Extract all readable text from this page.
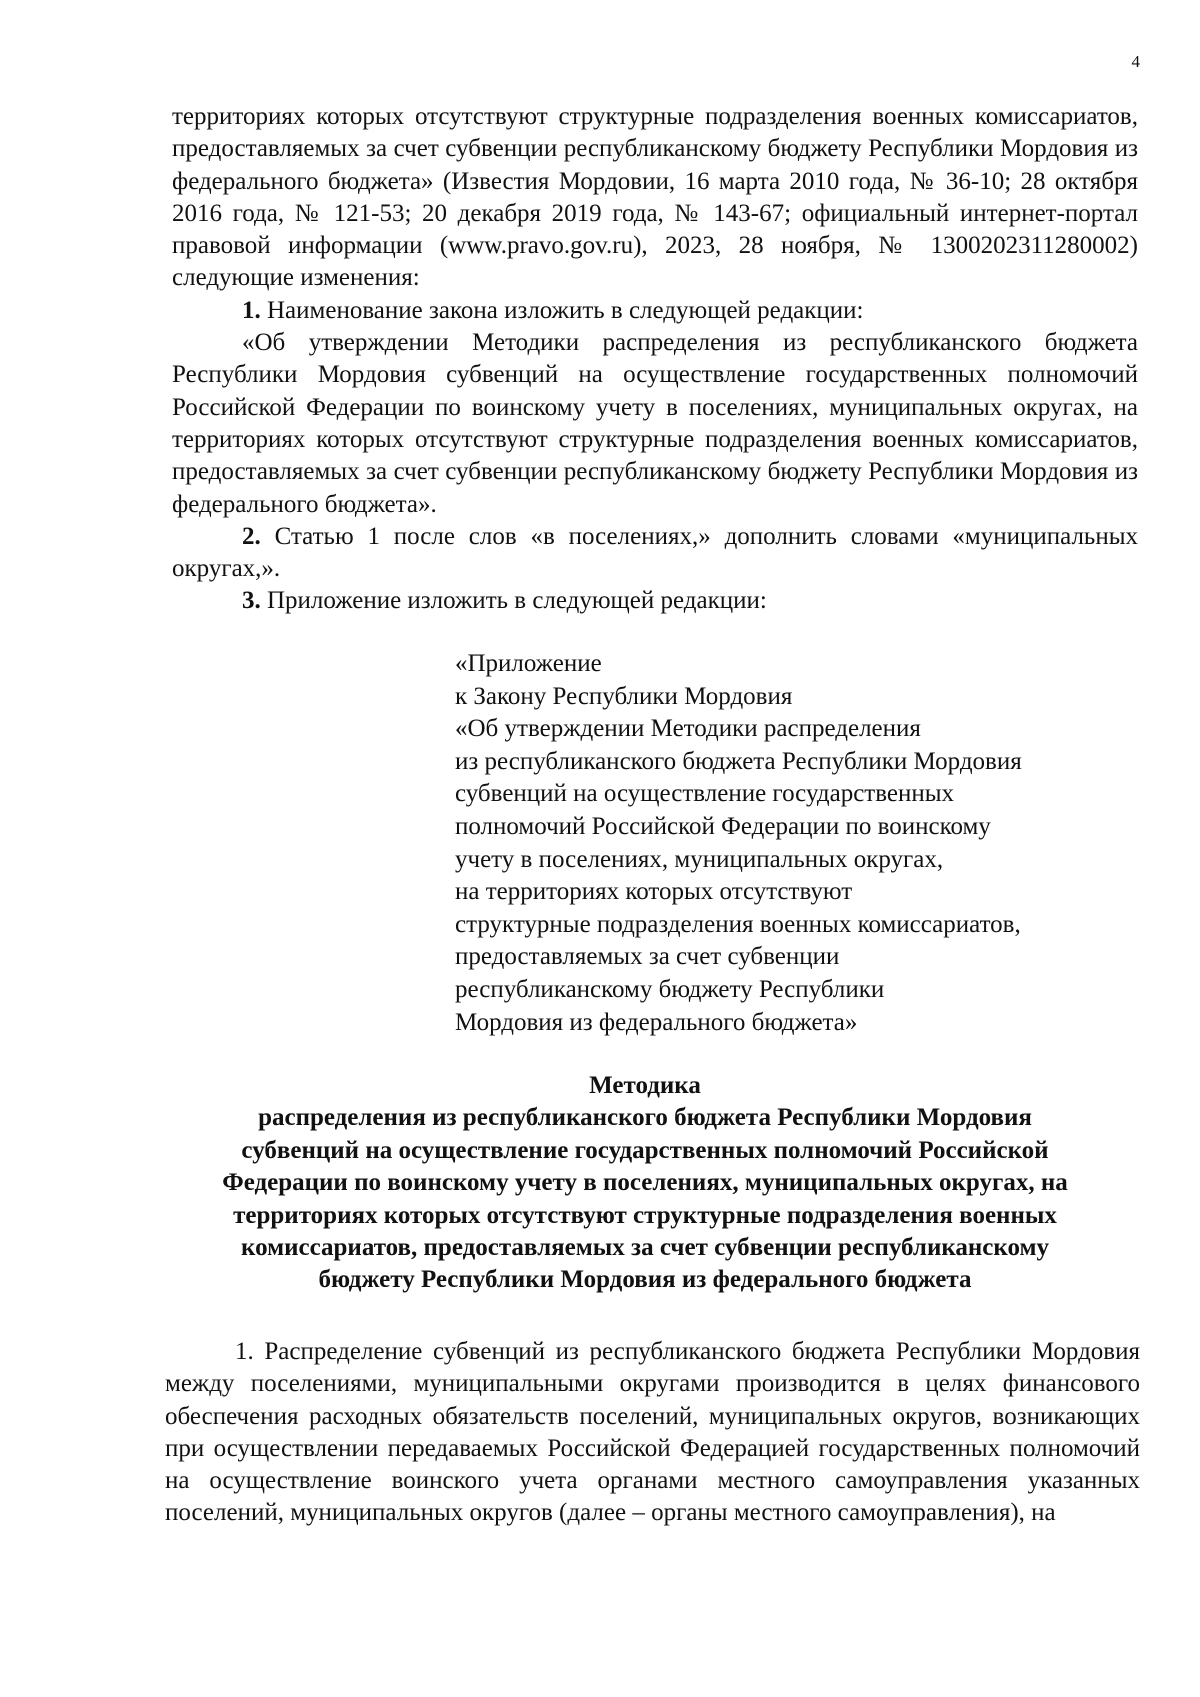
4

территориях которых отсутствуют структурные подразделения военных комиссариатов, предоставляемых за счет субвенции республиканскому бюджету Республики Мордовия из федерального бюджета» (Известия Мордовии, 16 марта 2010 года, № 36-10; 28 октября 2016 года, № 121-53; 20 декабря 2019 года, № 143-67; официальный интернет-портал правовой информации (www.pravo.gov.ru), 2023, 28 ноября, № 1300202311280002) следующие изменения:

1. Наименование закона изложить в следующей редакции:

«Об утверждении Методики распределения из республиканского бюджета Республики Мордовия субвенций на осуществление государственных полномочий Российской Федерации по воинскому учету в поселениях, муниципальных округах, на территориях которых отсутствуют структурные подразделения военных комиссариатов, предоставляемых за счет субвенции республиканскому бюджету Республики Мордовия из федерального бюджета».

2. Статью 1 после слов «в поселениях,» дополнить словами «муниципальных округах,».

3. Приложение изложить в следующей редакции:

«Приложение
к Закону Республики Мордовия
«Об утверждении Методики распределения
из республиканского бюджета Республики Мордовия
субвенций на осуществление государственных
полномочий Российской Федерации по воинскому
учету в поселениях, муниципальных округах,
на территориях которых отсутствуют
структурные подразделения военных комиссариатов,
предоставляемых за счет субвенции
республиканскому бюджету Республики
Мордовия из федерального бюджета»
Методика
распределения из республиканского бюджета Республики Мордовия
субвенций на осуществление государственных полномочий Российской
Федерации по воинскому учету в поселениях, муниципальных округах, на
территориях которых отсутствуют структурные подразделения военных
комиссариатов, предоставляемых за счет субвенции республиканскому
бюджету Республики Мордовия из федерального бюджета

1. Распределение субвенций из республиканского бюджета Республики Мордовия между поселениями, муниципальными округами производится в целях финансового обеспечения расходных обязательств поселений, муниципальных округов, возникающих при осуществлении передаваемых Российской Федерацией государственных полномочий на осуществление воинского учета органами местного самоуправления указанных поселений, муниципальных округов (далее – органы местного самоуправления), на
